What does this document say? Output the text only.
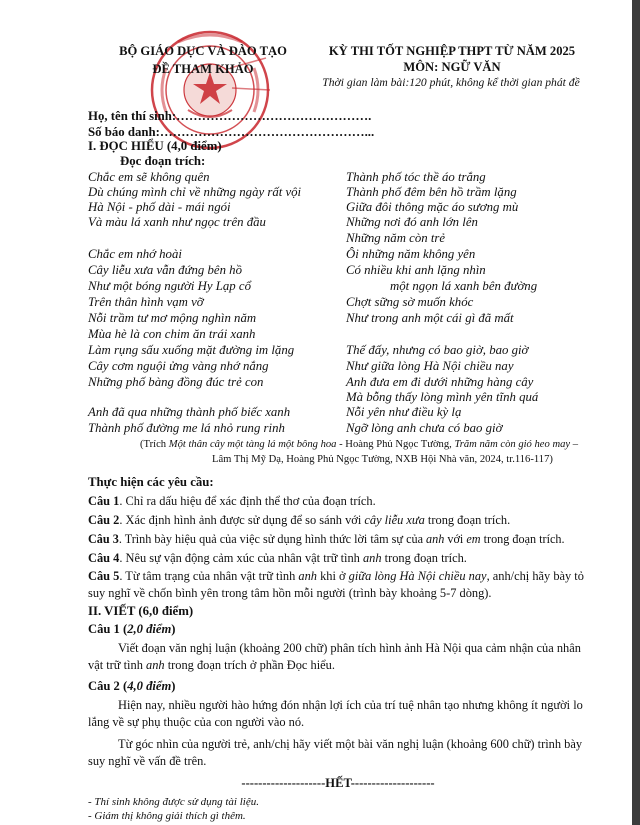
BỘ GIÁO DỤC VÀ ĐÀO TẠO
ĐỀ THAM KHẢO
KỲ THI TỐT NGHIỆP THPT TỪ NĂM 2025
MÔN: NGỮ VĂN
Thời gian làm bài:120 phút, không kể thời gian phát đề
Họ, tên thí sinh:……………………………………….
Số báo danh:…………………………………………...
I. ĐỌC HIỂU (4,0 điểm)
Đọc đoạn trích:
Chắc em sẽ không quên
Dù chúng mình chỉ về những ngày rất vội
Hà Nội - phố dài - mái ngói
Và màu lá xanh như ngọc trên đầu
Chắc em nhớ hoài
Cây liễu xưa vẫn đứng bên hồ
Như một bóng người Hy Lạp cổ
Trên thân hình vạm vỡ
Nỗi trầm tư mơ mộng nghìn năm
Mùa hè là con chim ăn trái xanh
Làm rụng sấu xuống mặt đường im lặng
Cây cơm nguội ửng vàng nhớ nắng
Những phố bàng đồng đúc trẻ con
Anh đã qua những thành phố biếc xanh
Thành phố đường me lá nhỏ rung rinh
Thành phố tóc thề áo trắng
Thành phố đêm bên hồ trầm lặng
Giữa đôi thông mặc áo sương mù
Những nơi đó anh lớn lên
Những năm còn trẻ
Ôi những năm không yên
Có nhiều khi anh lặng nhìn
một ngọn lá xanh bên đường
Chợt sững sờ muốn khóc
Như trong anh một cái gì đã mất
Thế đấy, nhưng có bao giờ, bao giờ
Như giữa lòng Hà Nội chiều nay
Anh đưa em đi dưới những hàng cây
Mà bỗng thấy lòng mình yên tĩnh quá
Nỗi yên như điều kỳ lạ
Ngỡ lòng anh chưa có bao giờ
(Trích Một thân cây một tàng lá một bông hoa - Hoàng Phủ Ngọc Tường, Trăm năm còn gió heo may –
Lâm Thị Mỹ Dạ, Hoàng Phủ Ngọc Tường, NXB Hội Nhà văn, 2024, tr.116-117)
Thực hiện các yêu cầu:
Câu 1. Chỉ ra dấu hiệu để xác định thể thơ của đoạn trích.
Câu 2. Xác định hình ảnh được sử dụng để so sánh với cây liễu xưa trong đoạn trích.
Câu 3. Trình bày hiệu quả của việc sử dụng hình thức lời tâm sự của anh với em trong đoạn trích.
Câu 4. Nêu sự vận động cảm xúc của nhân vật trữ tình anh trong đoạn trích.
Câu 5. Từ tâm trạng của nhân vật trữ tình anh khi ở giữa lòng Hà Nội chiều nay, anh/chị hãy bày tỏ suy nghĩ về chốn bình yên trong tâm hồn mỗi người (trình bày khoảng 5-7 dòng).
II. VIẾT (6,0 điểm)
Câu 1 (2,0 điểm)
Viết đoạn văn nghị luận (khoảng 200 chữ) phân tích hình ảnh Hà Nội qua cảm nhận của nhân vật trữ tình anh trong đoạn trích ở phần Đọc hiểu.
Câu 2 (4,0 điểm)
Hiện nay, nhiều người hào hứng đón nhận lợi ích của trí tuệ nhân tạo nhưng không ít người lo lắng về sự phụ thuộc của con người vào nó.
Từ góc nhìn của người trẻ, anh/chị hãy viết một bài văn nghị luận (khoảng 600 chữ) trình bày suy nghĩ về vấn đề trên.
--------------------HẾT--------------------
- Thí sinh không được sử dụng tài liệu.
- Giám thị không giải thích gì thêm.
